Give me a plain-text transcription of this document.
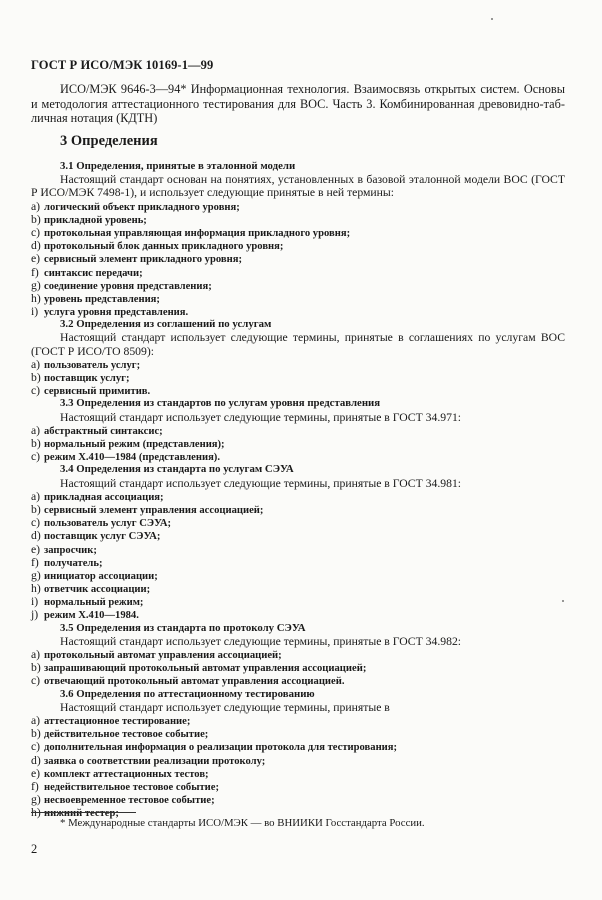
ГОСТ Р ИСО/МЭК 10169-1—99
ИСО/МЭК 9646-3—94* Информационная технология. Взаимосвязь открытых систем. Основы и методология аттестационного тестирования для ВОС. Часть 3. Комбинированная древовидно-таб-личная нотация (КДТН)
3 Определения
3.1 Определения, принятые в эталонной модели
Настоящий стандарт основан на понятиях, установленных в базовой эталонной модели ВОС (ГОСТ Р ИСО/МЭК 7498-1), и использует следующие принятые в ней термины:
a) логический объект прикладного уровня;
b) прикладной уровень;
c) протокольная управляющая информация прикладного уровня;
d) протокольный блок данных прикладного уровня;
e) сервисный элемент прикладного уровня;
f) синтаксис передачи;
g) соединение уровня представления;
h) уровень представления;
i) услуга уровня представления.
3.2 Определения из соглашений по услугам
Настоящий стандарт использует следующие термины, принятые в соглашениях по услугам ВОС (ГОСТ Р ИСО/ТО 8509):
a) пользователь услуг;
b) поставщик услуг;
c) сервисный примитив.
3.3 Определения из стандартов по услугам уровня представления
Настоящий стандарт использует следующие термины, принятые в ГОСТ 34.971:
a) абстрактный синтаксис;
b) нормальный режим (представления);
c) режим Х.410—1984 (представления).
3.4 Определения из стандарта по услугам СЭУА
Настоящий стандарт использует следующие термины, принятые в ГОСТ 34.981:
a) прикладная ассоциация;
b) сервисный элемент управления ассоциацией;
c) пользователь услуг СЭУА;
d) поставщик услуг СЭУА;
e) запросчик;
f) получатель;
g) инициатор ассоциации;
h) ответчик ассоциации;
i) нормальный режим;
j) режим Х.410—1984.
3.5 Определения из стандарта по протоколу СЭУА
Настоящий стандарт использует следующие термины, принятые в ГОСТ 34.982:
a) протокольный автомат управления ассоциацией;
b) запрашивающий протокольный автомат управления ассоциацией;
c) отвечающий протокольный автомат управления ассоциацией.
3.6 Определения по аттестационному тестированию
Настоящий стандарт использует следующие термины, принятые в
a) аттестационное тестирование;
b) действительное тестовое событие;
c) дополнительная информация о реализации протокола для тестирования;
d) заявка о соответствии реализации протоколу;
e) комплект аттестационных тестов;
f) недействительное тестовое событие;
g) несвоевременное тестовое событие;
h) нижний тестер;
* Международные стандарты ИСО/МЭК — во ВНИИКИ Госстандарта России.
2
